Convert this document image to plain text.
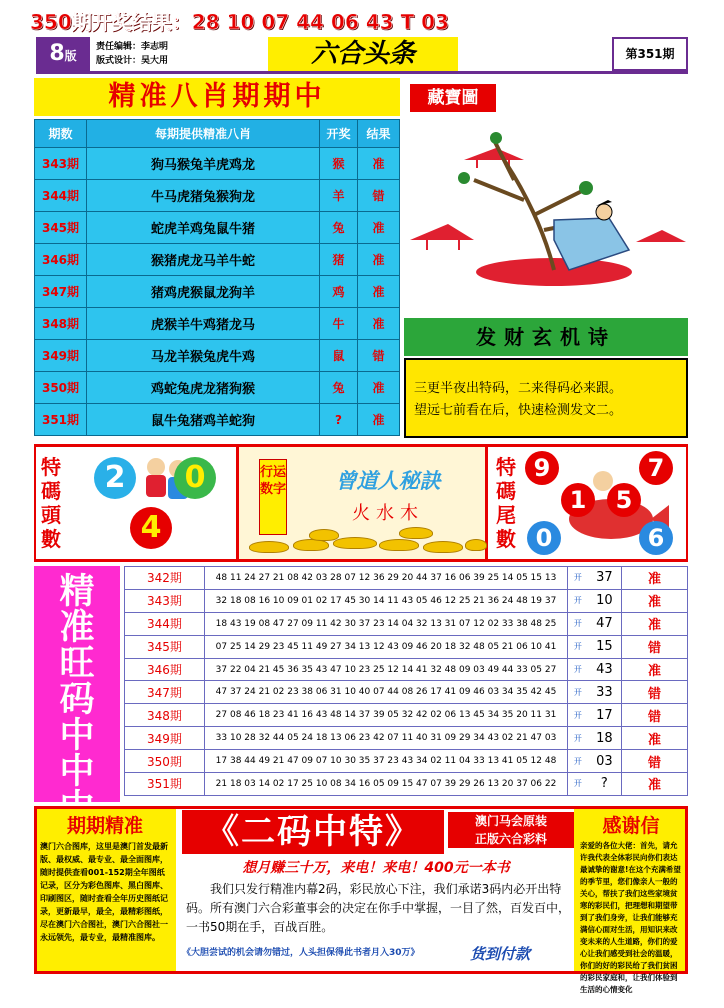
350期开奖结果：28 10 07 44 06 43 T 03
8版
责任编辑：李志明
版式设计：吴大用	六合头条	第351期
精准八肖期期中	藏寶圖
期数	每期提供精准八肖	开奖	结果
343期	狗马猴兔羊虎鸡龙	猴	准
344期	牛马虎猪兔猴狗龙	羊	错
345期	蛇虎羊鸡兔鼠牛猪	兔	准
346期	猴猪虎龙马羊牛蛇	猪	准
347期	猪鸡虎猴鼠龙狗羊	鸡	准
348期	虎猴羊牛鸡猪龙马	牛	准
349期	马龙羊猴兔虎牛鸡	鼠	错
350期	鸡蛇兔虎龙猪狗猴	兔	准
351期	鼠牛兔猪鸡羊蛇狗	?	准
发财玄机诗
三更半夜出特码，二来得码必来跟。
望远七前看在后，快速检测发文二。
特
碼
頭
數
2	0
4
行运数字	曾道人秘訣
火水木
特
碼
尾
數
9	7
1	5
0	6
精
准
旺
码
中
中
342期	48 11 24 27 21 08 42 03 28 07 12 36 29 20 44 37 16 06 39 25 14 05 15 13	开	37	准
343期	32 18 08 16 10 09 01 02 17 45 30 14 11 43 05 46 12 25 21 36 24 48 19 37	开	10	准
344期	18 43 19 08 47 27 09 11 42 30 37 23 14 04 32 13 31 07 12 02 33 38 48 25	开	47	准
345期	07 25 14 29 23 45 11 49 27 34 13 12 43 09 46 20 18 32 48 05 21 06 10 41	开	15	错
346期	37 22 04 21 45 36 35 43 47 10 23 25 12 14 41 32 48 09 03 49 44 33 05 27	开	43	准
347期	47 37 24 21 02 23 38 06 31 10 40 07 44 08 26 17 41 09 46 03 34 35 42 45	开	33	错
348期	27 08 46 18 23 41 16 43 48 14 37 39 05 32 42 02 06 13 45 34 35 20 11 31	开	17	错
349期	33 10 28 32 44 05 24 18 13 06 23 42 07 11 40 31 09 29 34 43 02 21 47 03	开	18	准
350期	17 38 44 49 21 47 09 07 10 30 35 37 23 43 34 02 11 04 33 13 41 05 12 48	开	03	错
351期	21 18 03 14 02 17 25 10 08 34 16 05 09 15 47 07 39 29 26 13 20 37 06 22	开	?	准
期期精准
澳门六合图库，这里是澳门首发最新版、最权威、最专业、最全面图库，随时提供查看001-152期全年图纸记录，区分为彩色图库、黑白图库、印刷图区，随时查看全年历史图纸记录，更新最早，最全，最精彩图纸，尽在澳门六合图社，澳门六合图社一永远领先，最专业，最精准图库。
《二码中特》	澳门马会原装
正版六合彩料
想月赚三十万，来电！来电！400元一本书
我们只发行精准内幕2码，彩民放心下注，我们承诺3码内必开出特码。所有澳门六合彩董事会的决定在你手中掌握，一目了然，百发百中，一书50期在手，百战百胜。
《大胆尝试的机会请勿错过，人头担保得此书者月入30万》	货到付款
感谢信
亲爱的各位大佬：首先，请允许我代表全体彩民向你们表达最诚挚的谢意!在这个充满希望的季节里，您们像亲人一般的关心，帮扶了我们这些家境贫寒的彩民们，把理想和期望带到了我们身旁，让我们能够充满信心面对生活，用知识来改变未来的人生道路，你们的爱心让我们感受到社会的温暖，你们的好的彩民给了我们贫困的彩民家庭和，让我们体验到生活的心情变化
